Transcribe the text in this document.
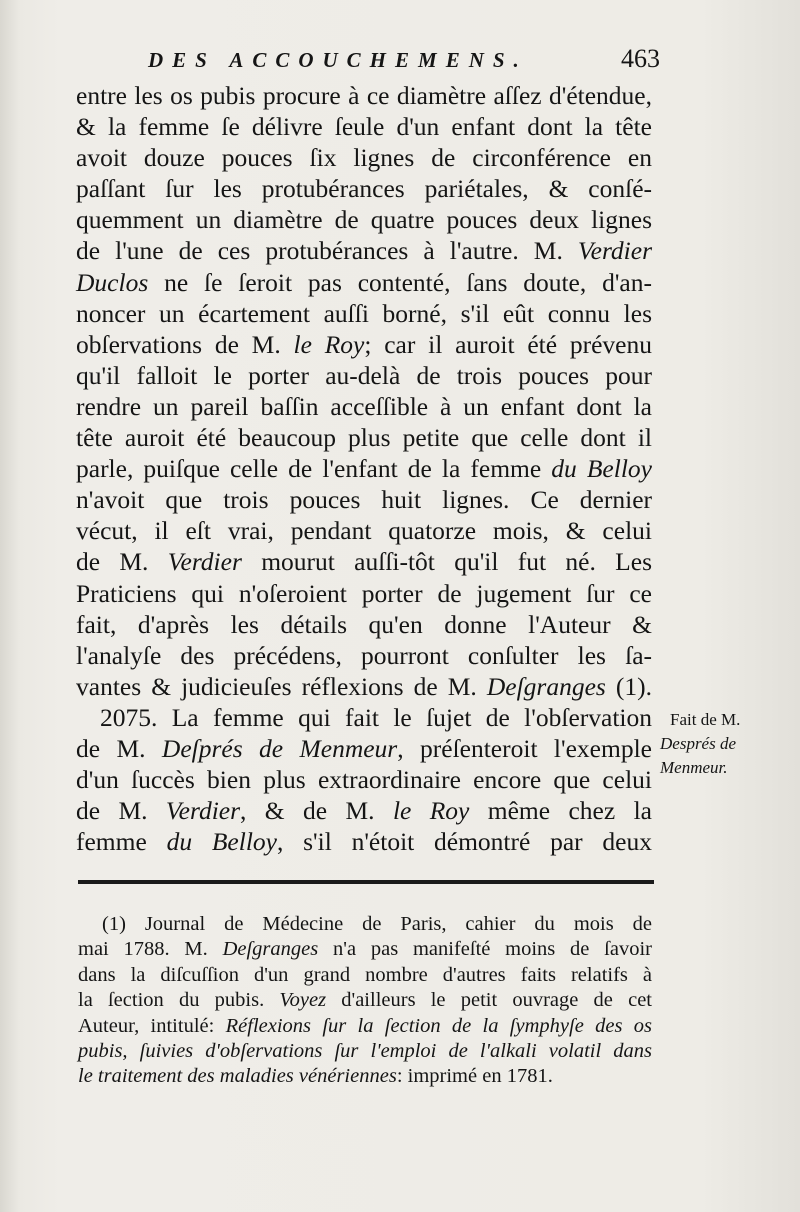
DES ACCOUCHEMENS.	463
entre les os pubis procure à ce diamètre aſſez d'étendue,
& la femme ſe délivre ſeule d'un enfant dont la tête
avoit douze pouces ſix lignes de circonférence en
paſſant ſur les protubérances pariétales, & conſé-
quemment un diamètre de quatre pouces deux lignes
de l'une de ces protubérances à l'autre. M. Verdier
Duclos ne ſe ſeroit pas contenté, ſans doute, d'an-
noncer un écartement auſſi borné, s'il eût connu les
obſervations de M. le Roy; car il auroit été prévenu
qu'il falloit le porter au-delà de trois pouces pour
rendre un pareil baſſin acceſſible à un enfant dont la
tête auroit été beaucoup plus petite que celle dont il
parle, puiſque celle de l'enfant de la femme du Belloy
n'avoit que trois pouces huit lignes. Ce dernier
vécut, il eſt vrai, pendant quatorze mois, & celui
de M. Verdier mourut auſſi-tôt qu'il fut né. Les
Praticiens qui n'oſeroient porter de jugement ſur ce
fait, d'après les détails qu'en donne l'Auteur &
l'analyſe des précédens, pourront conſulter les ſa-
vantes & judicieuſes réflexions de M. Deſgranges (1).
2075. La femme qui fait le ſujet de l'obſervation
de M. Deſprés de Menmeur, préſenteroit l'exemple
d'un ſuccès bien plus extraordinaire encore que celui
de M. Verdier, & de M. le Roy même chez la
femme du Belloy, s'il n'étoit démontré par deux
Fait de M.
Després de
Menmeur.
(1) Journal de Médecine de Paris, cahier du mois de
mai 1788. M. Deſgranges n'a pas manifeſté moins de ſavoir
dans la diſcuſſion d'un grand nombre d'autres faits relatifs à
la ſection du pubis. Voyez d'ailleurs le petit ouvrage de cet
Auteur, intitulé: Réflexions ſur la ſection de la ſymphyſe des os
pubis, ſuivies d'obſervations ſur l'emploi de l'alkali volatil dans
le traitement des maladies vénériennes: imprimé en 1781.
